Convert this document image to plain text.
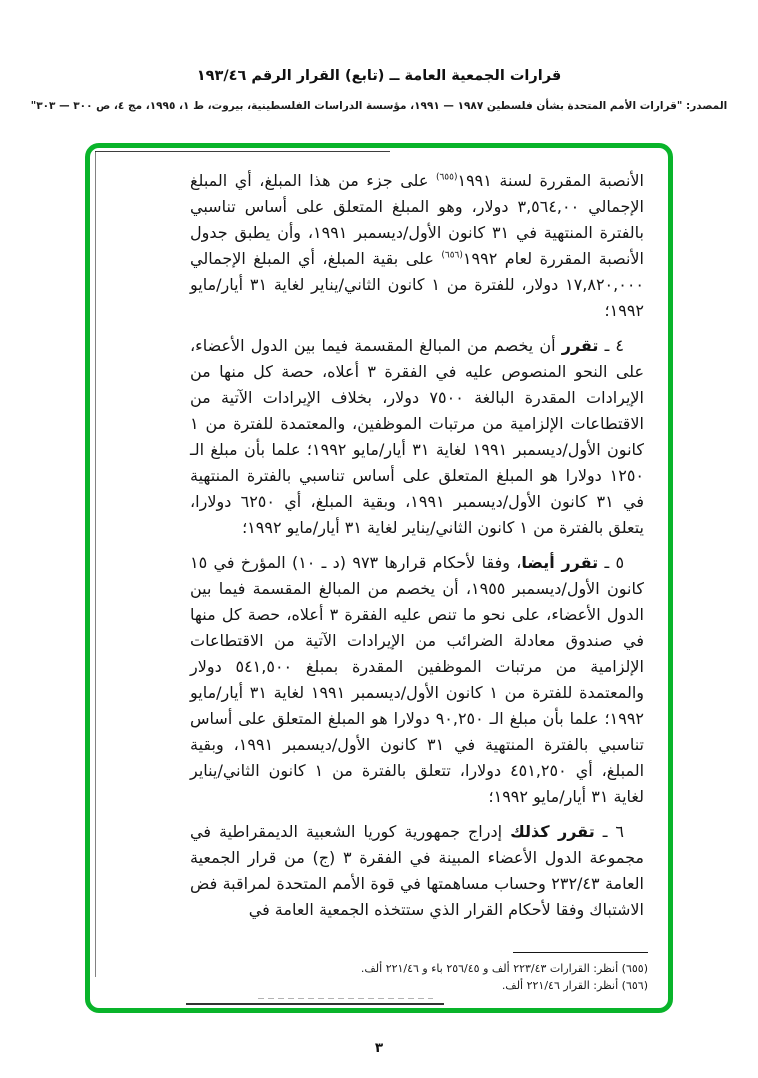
قرارات الجمعية العامة ــ (تابع) القرار الرقم ١٩٣/٤٦
المصدر: "قرارات الأمم المتحدة بشأن فلسطين ١٩٨٧ — ١٩٩١، مؤسسة الدراسات الفلسطينية، بيروت، ط ١، ١٩٩٥، مج ٤، ص ٣٠٠ — ٣٠٣"

الأنصبة المقررة لسنة ١٩٩١$^{(٦٥٥)}$ على جزء من هذا المبلغ، أي المبلغ الإجمالي ٣,٥٦٤,٠٠ دولار، وهو المبلغ المتعلق على أساس تناسبي بالفترة المنتهية في ٣١ كانون الأول/ديسمبر ١٩٩١، وأن يطبق جدول الأنصبة المقررة لعام ١٩٩٢$^{(٦٥٦)}$ على بقية المبلغ، أي المبلغ الإجمالي ١٧,٨٢٠,٠٠٠ دولار، للفترة من ١ كانون الثاني/يناير لغاية ٣١ أيار/مايو ١٩٩٢؛

٤ ـ تقرر أن يخصم من المبالغ المقسمة فيما بين الدول الأعضاء، على النحو المنصوص عليه في الفقرة ٣ أعلاه، حصة كل منها من الإيرادات المقدرة البالغة ٧٥٠٠ دولار، بخلاف الإيرادات الآتية من الاقتطاعات الإلزامية من مرتبات الموظفين، والمعتمدة للفترة من ١ كانون الأول/ديسمبر ١٩٩١ لغاية ٣١ أيار/مايو ١٩٩٢؛ علما بأن مبلغ الـ ١٢٥٠ دولارا هو المبلغ المتعلق على أساس تناسبي بالفترة المنتهية في ٣١ كانون الأول/ديسمبر ١٩٩١، وبقية المبلغ، أي ٦٢٥٠ دولارا، يتعلق بالفترة من ١ كانون الثاني/يناير لغاية ٣١ أيار/مايو ١٩٩٢؛

٥ ـ تقرر أيضا، وفقا لأحكام قرارها ٩٧٣ (د ـ ١٠) المؤرخ في ١٥ كانون الأول/ديسمبر ١٩٥٥، أن يخصم من المبالغ المقسمة فيما بين الدول الأعضاء، على نحو ما تنص عليه الفقرة ٣ أعلاه، حصة كل منها في صندوق معادلة الضرائب من الإيرادات الآتية من الاقتطاعات الإلزامية من مرتبات الموظفين المقدرة بمبلغ ٥٤١,٥٠٠ دولار والمعتمدة للفترة من ١ كانون الأول/ديسمبر ١٩٩١ لغاية ٣١ أيار/مايو ١٩٩٢؛ علما بأن مبلغ الـ ٩٠,٢٥٠ دولارا هو المبلغ المتعلق على أساس تناسبي بالفترة المنتهية في ٣١ كانون الأول/ديسمبر ١٩٩١، وبقية المبلغ، أي ٤٥١,٢٥٠ دولارا، تتعلق بالفترة من ١ كانون الثاني/يناير لغاية ٣١ أيار/مايو ١٩٩٢؛

٦ ـ تقرر كذلك إدراج جمهورية كوريا الشعبية الديمقراطية في مجموعة الدول الأعضاء المبينة في الفقرة ٣ (ج) من قرار الجمعية العامة ٢٣٢/٤٣ وحساب مساهمتها في قوة الأمم المتحدة لمراقبة فض الاشتباك وفقا لأحكام القرار الذي ستتخذه الجمعية العامة في

(٦٥٥) أنظر: القرارات ٢٢٣/٤٣ ألف و ٢٥٦/٤٥ باء و ٢٢١/٤٦ ألف.
(٦٥٦) أنظر: القرار ٢٢١/٤٦ ألف.
٣
